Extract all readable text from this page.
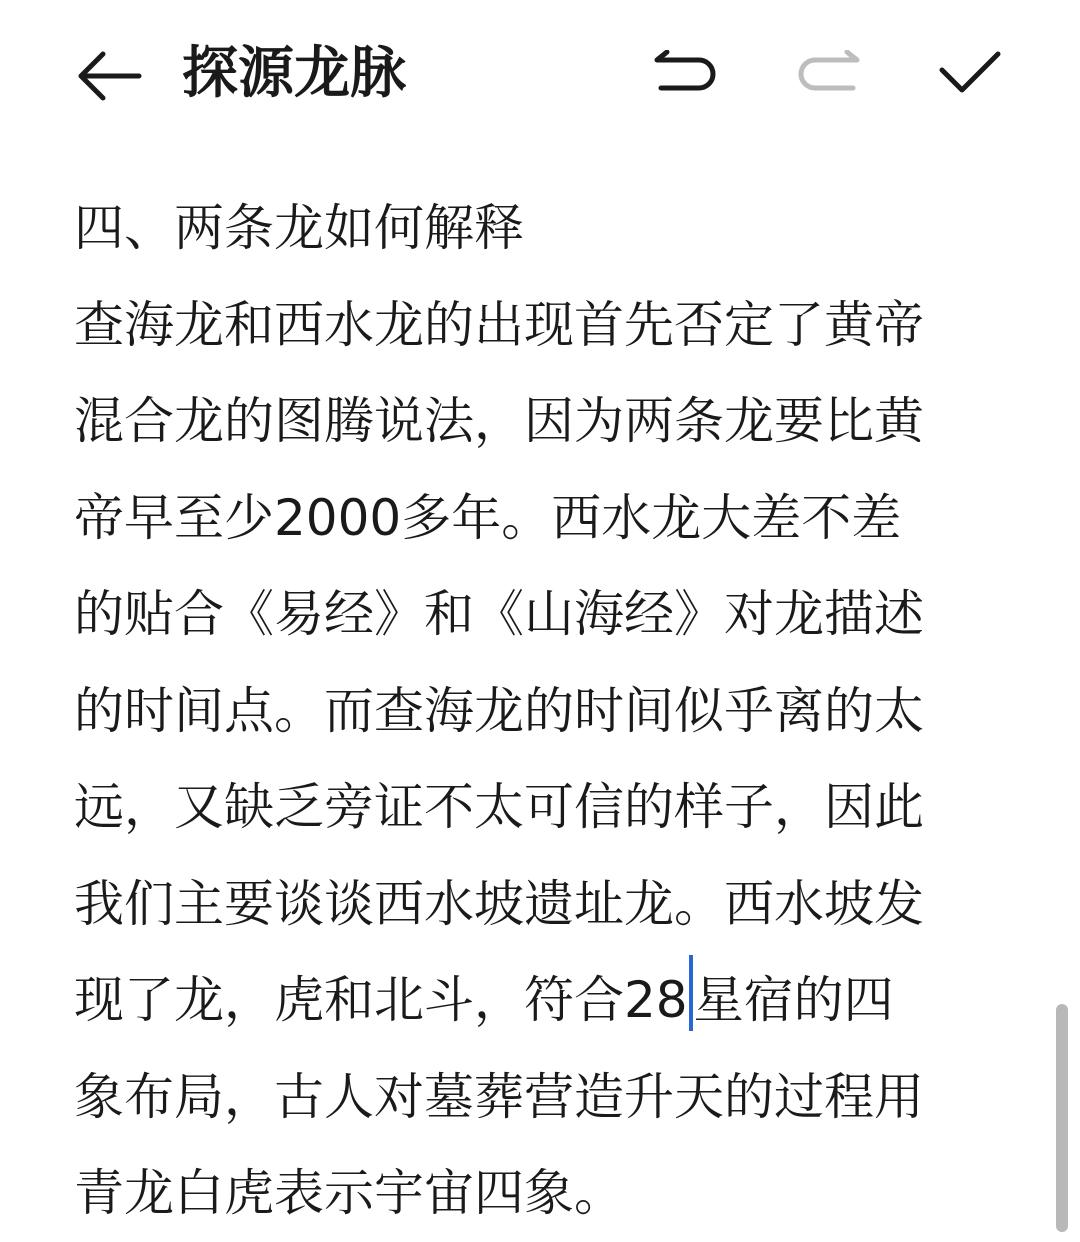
探源龙脉
四、两条龙如何解释
查海龙和西水龙的出现首先否定了黄帝
混合龙的图腾说法，因为两条龙要比黄
帝早至少2000多年。西水龙大差不差
的贴合《易经》和《山海经》对龙描述
的时间点。而查海龙的时间似乎离的太
远，又缺乏旁证不太可信的样子，因此
我们主要谈谈西水坡遗址龙。西水坡发
现了龙，虎和北斗，符合28 星宿的四
象布局，古人对墓葬营造升天的过程用
青龙白虎表示宇宙四象。
